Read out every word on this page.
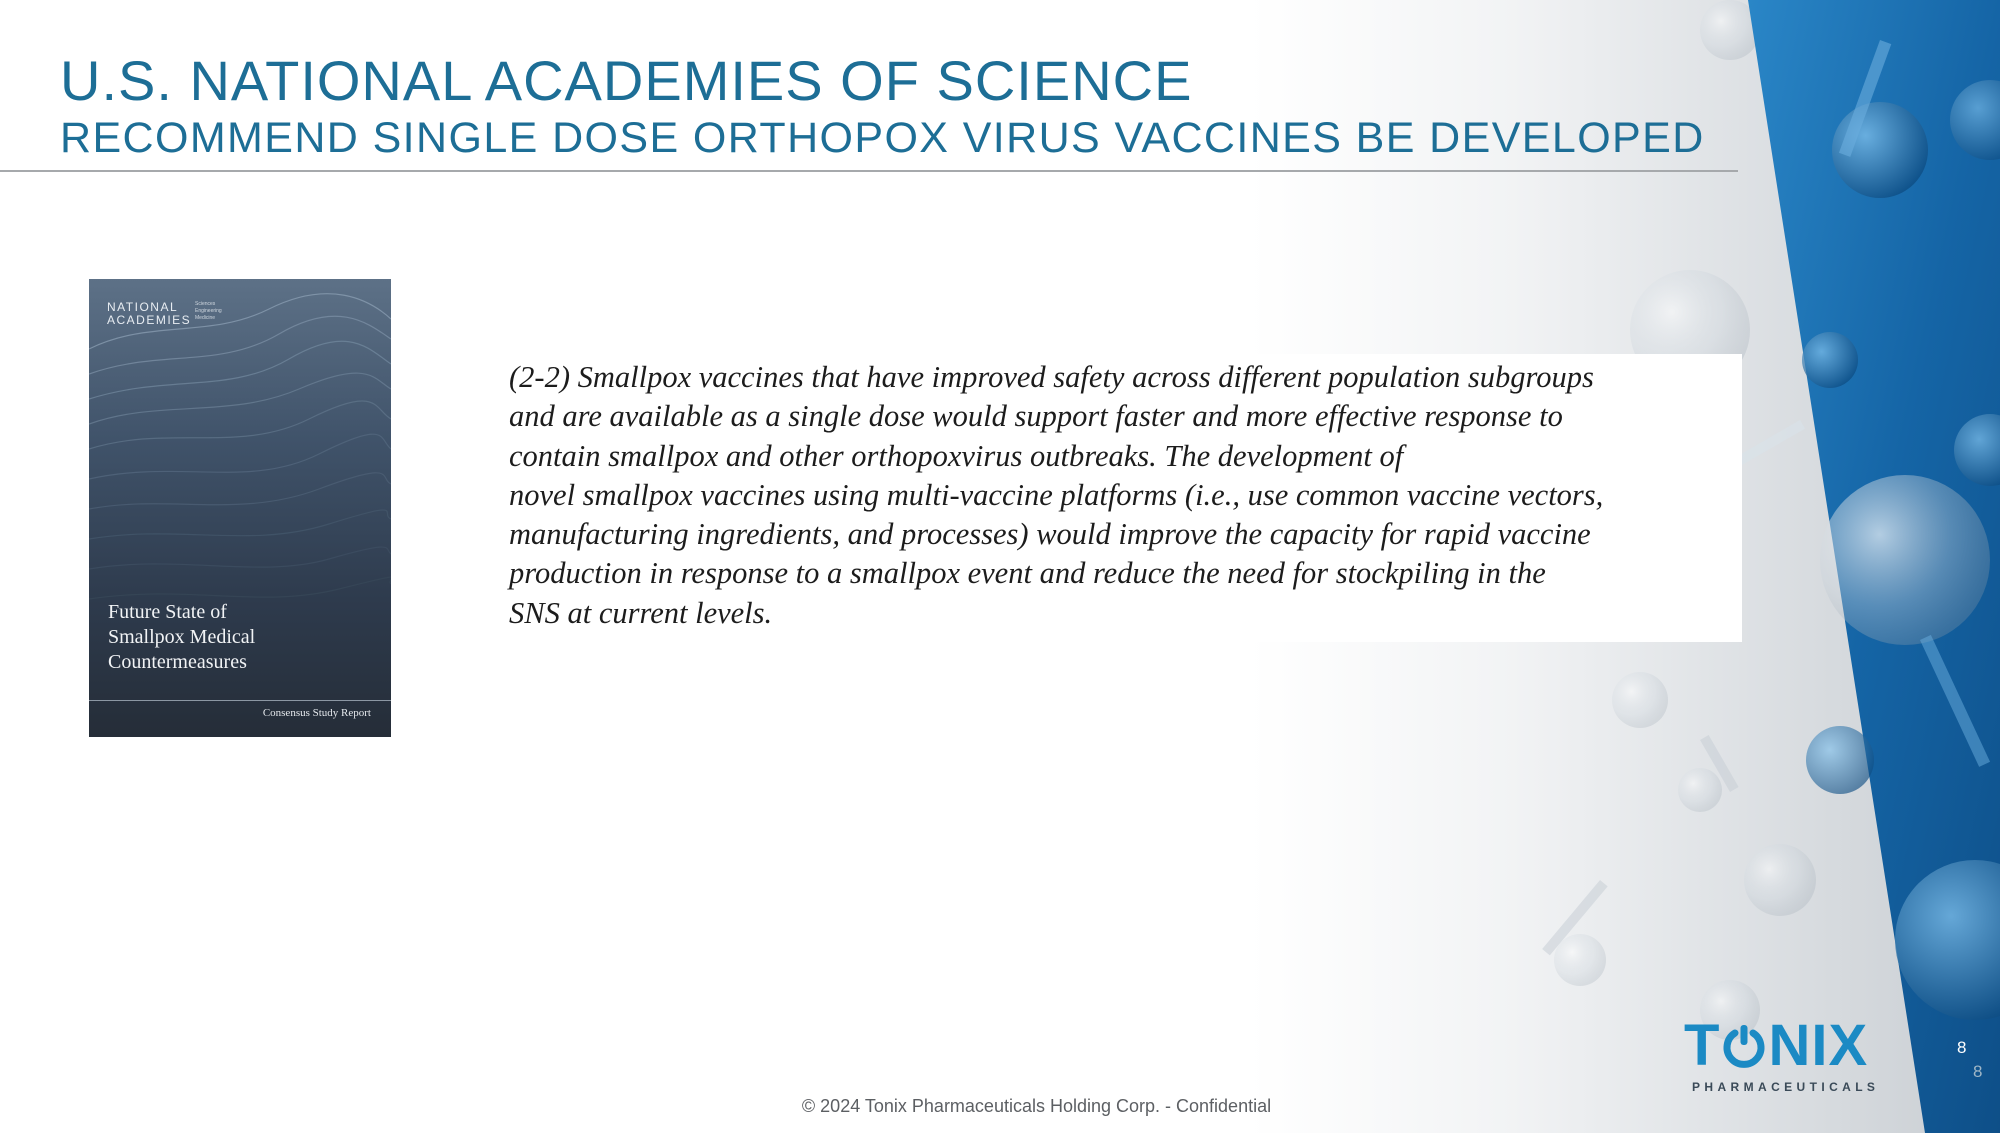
U.S. NATIONAL ACADEMIES OF SCIENCE
RECOMMEND SINGLE DOSE ORTHOPOX VIRUS VACCINES BE DEVELOPED
NATIONAL
ACADEMIES
Sciences
Engineering
Medicine
Future State of
Smallpox Medical
Countermeasures
Consensus Study Report
(2-2) Smallpox vaccines that have improved safety across different population subgroups
and are available as a single dose would support faster and more effective response to
contain smallpox and other orthopoxvirus outbreaks. The development of
novel smallpox vaccines using multi-vaccine platforms (i.e., use common vaccine vectors,
manufacturing ingredients, and processes) would improve the capacity for rapid vaccine
production in response to a smallpox event and reduce the need for stockpiling in the
SNS at current levels.
T NIX
PHARMACEUTICALS
8
8
© 2024 Tonix Pharmaceuticals Holding Corp. - Confidential
